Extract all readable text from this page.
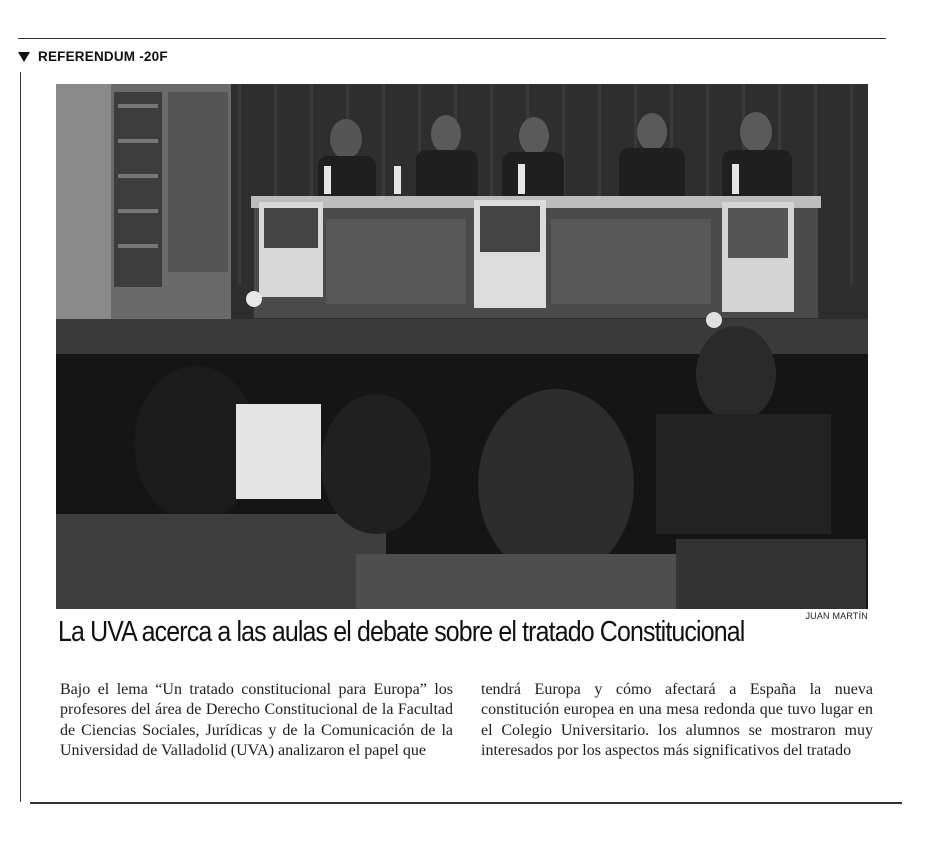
REFERENDUM -20F
JUAN MARTÍN
La UVA acerca a las aulas el debate sobre el tratado Constitucional
Bajo el lema “Un tratado constitucional para Europa” los profesores del área de Derecho Constitucional de la Facultad de Ciencias Sociales, Jurídicas y de la Comunicación de la Universidad de Valladolid (UVA) analizaron el papel que
tendrá Europa y cómo afectará a España la nueva constitución europea en una mesa redonda que tuvo lugar en el Colegio Universitario. los alumnos se mostraron muy interesados por los aspectos más significativos del tratado
